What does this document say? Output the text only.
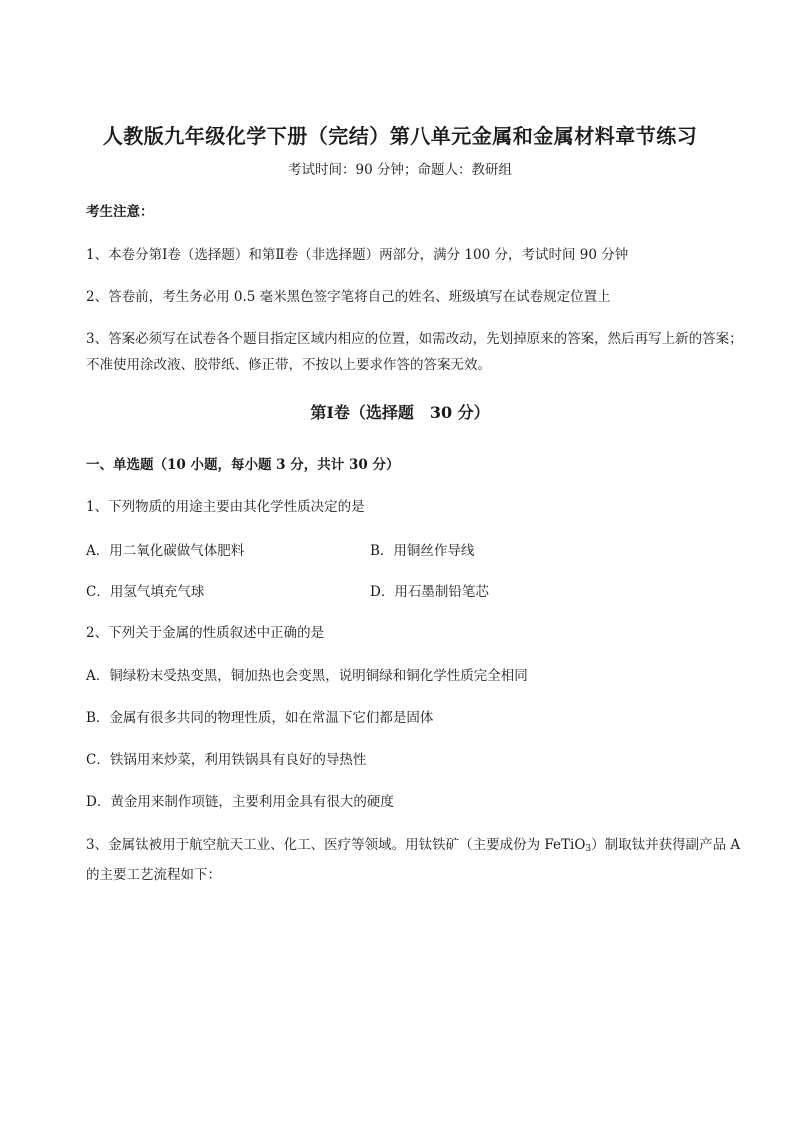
人教版九年级化学下册（完结）第八单元金属和金属材料章节练习
考试时间：90 分钟；命题人：教研组
考生注意：
1、本卷分第Ⅰ卷（选择题）和第Ⅱ卷（非选择题）两部分，满分 100 分，考试时间 90 分钟
2、答卷前，考生务必用 0.5 毫米黑色签字笔将自己的姓名、班级填写在试卷规定位置上
3、答案必须写在试卷各个题目指定区域内相应的位置，如需改动，先划掉原来的答案，然后再写上新的答案；不准使用涂改液、胶带纸、修正带，不按以上要求作答的答案无效。
第Ⅰ卷（选择题　30 分）
一、单选题（10 小题，每小题 3 分，共计 30 分）
1、下列物质的用途主要由其化学性质决定的是
A．用二氧化碳做气体肥料	B．用铜丝作导线
C．用氢气填充气球	D．用石墨制铅笔芯
2、下列关于金属的性质叙述中正确的是
A．铜绿粉末受热变黑，铜加热也会变黑，说明铜绿和铜化学性质完全相同
B．金属有很多共同的物理性质，如在常温下它们都是固体
C．铁锅用来炒菜，利用铁锅具有良好的导热性
D．黄金用来制作项链，主要利用金具有很大的硬度
3、金属钛被用于航空航天工业、化工、医疗等领域。用钛铁矿（主要成份为 FeTiO$_3$）制取钛并获得副产品 A 的主要工艺流程如下：
